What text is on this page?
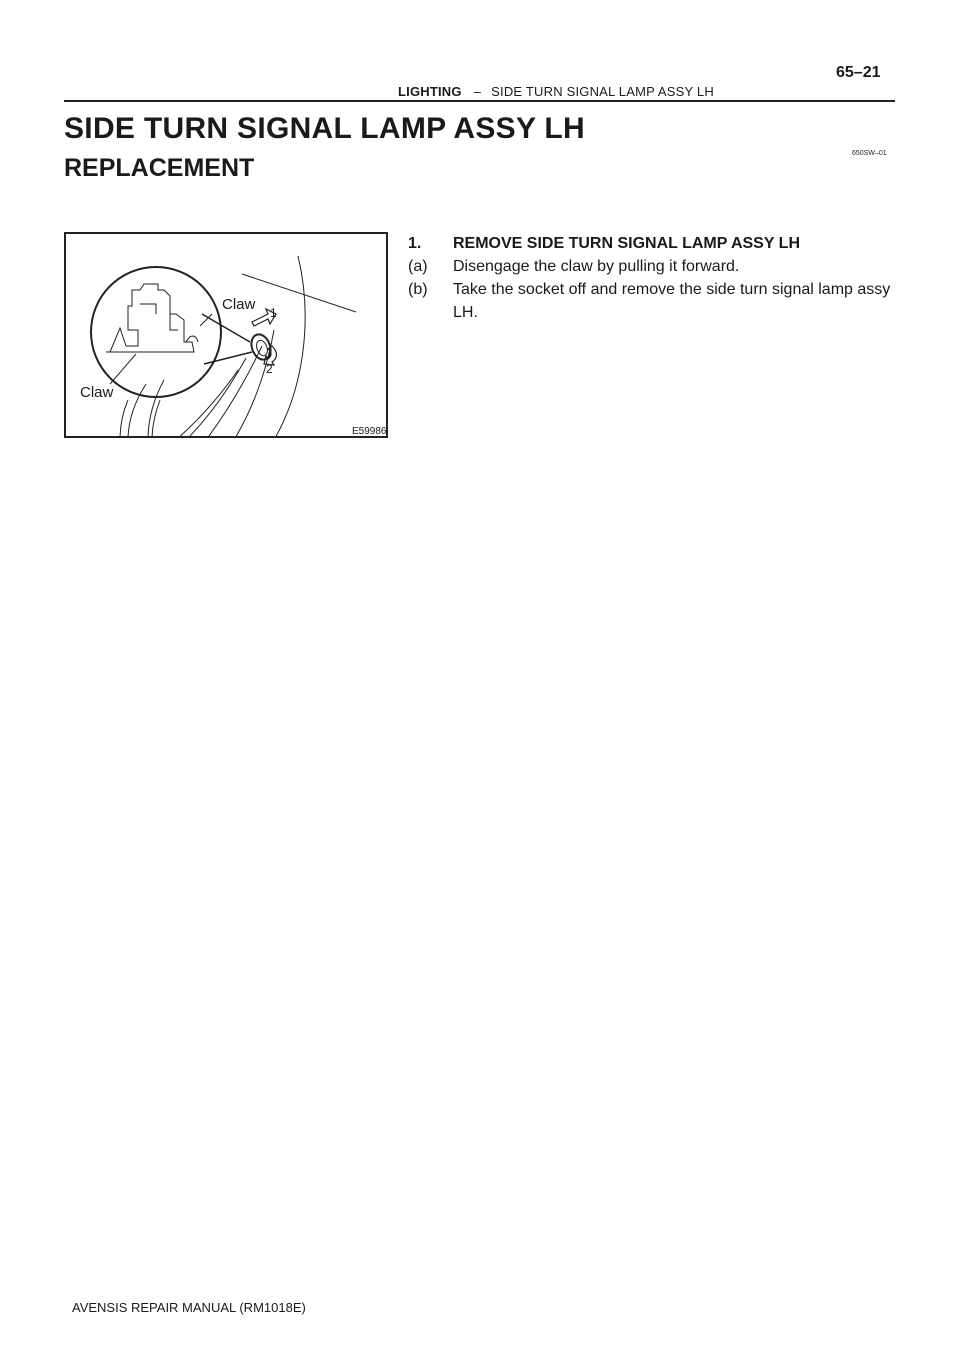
LIGHTING – SIDE TURN SIGNAL LAMP ASSY LH
65–21
SIDE TURN SIGNAL LAMP ASSY LH
650SW–01
REPLACEMENT
Claw
Claw
1
2
E59986
1. REMOVE SIDE TURN SIGNAL LAMP ASSY LH
(a) Disengage the claw by pulling it forward.
(b) Take the socket off and remove the side turn signal lamp assy LH.
AVENSIS REPAIR MANUAL (RM1018E)
